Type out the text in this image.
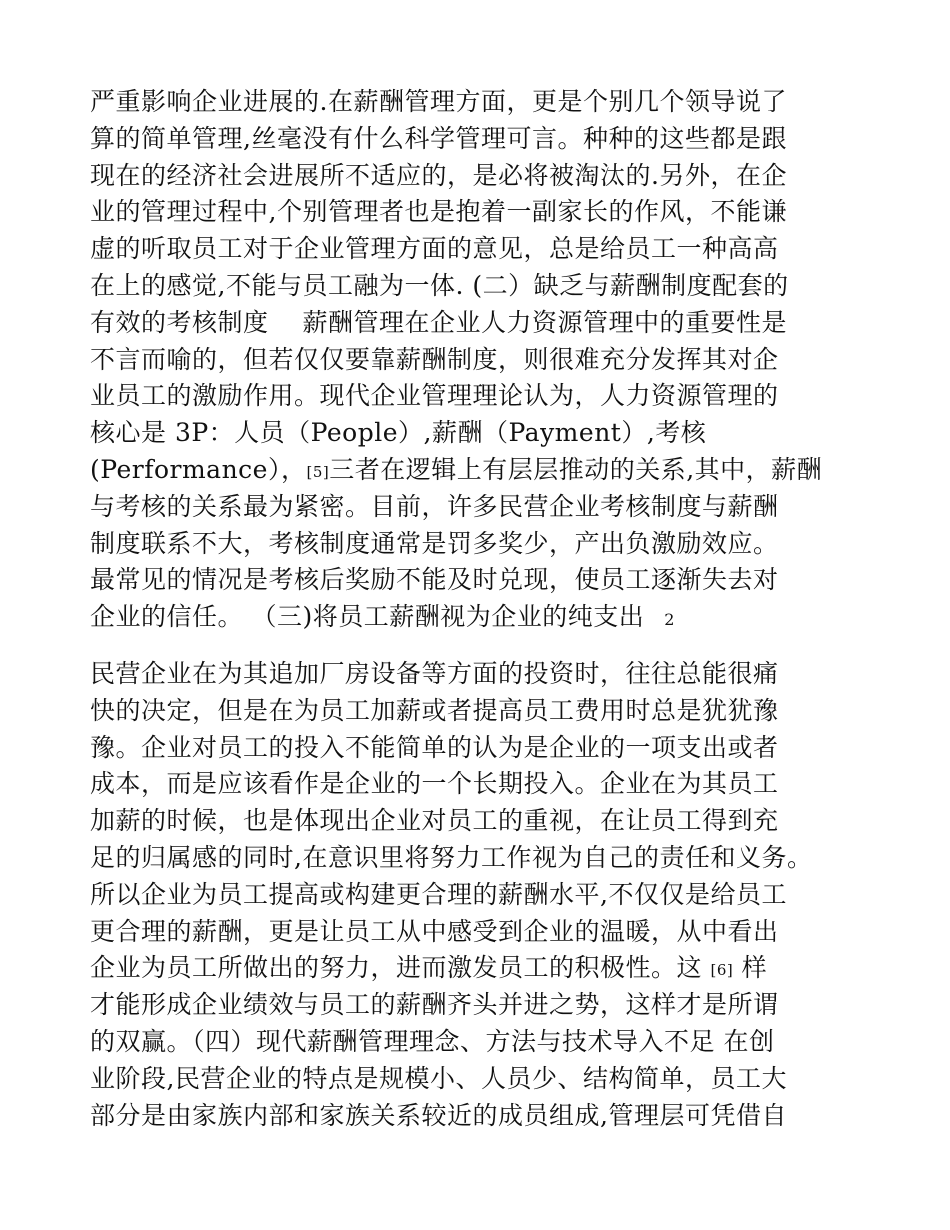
严重影响企业进展的.在薪酬管理方面，更是个别几个领导说了
算的简单管理,丝毫没有什么科学管理可言。种种的这些都是跟
现在的经济社会进展所不适应的，是必将被淘汰的.另外，在企
业的管理过程中,个别管理者也是抱着一副家长的作风，不能谦
虚的听取员工对于企业管理方面的意见，总是给员工一种高高
在上的感觉,不能与员工融为一体. (二）缺乏与薪酬制度配套的
有效的考核制度　 薪酬管理在企业人力资源管理中的重要性是
不言而喻的，但若仅仅要靠薪酬制度，则很难充分发挥其对企
业员工的激励作用。现代企业管理理论认为，人力资源管理的
核心是 3P：人员（People）,薪酬（Payment）,考核
(Performance），[5]三者在逻辑上有层层推动的关系,其中，薪酬
与考核的关系最为紧密。目前，许多民营企业考核制度与薪酬
制度联系不大，考核制度通常是罚多奖少，产出负激励效应。
最常见的情况是考核后奖励不能及时兑现，使员工逐渐失去对
企业的信任。 （三)将员工薪酬视为企业的纯支出 2
民营企业在为其追加厂房设备等方面的投资时，往往总能很痛
快的决定，但是在为员工加薪或者提高员工费用时总是犹犹豫
豫。企业对员工的投入不能简单的认为是企业的一项支出或者
成本，而是应该看作是企业的一个长期投入。企业在为其员工
加薪的时候，也是体现出企业对员工的重视，在让员工得到充
足的归属感的同时,在意识里将努力工作视为自己的责任和义务。
所以企业为员工提高或构建更合理的薪酬水平,不仅仅是给员工
更合理的薪酬，更是让员工从中感受到企业的温暖，从中看出
企业为员工所做出的努力，进而激发员工的积极性。这 [6] 样
才能形成企业绩效与员工的薪酬齐头并进之势，这样才是所谓
的双赢。（四）现代薪酬管理理念、方法与技术导入不足 在创
业阶段,民营企业的特点是规模小、人员少、结构简单，员工大
部分是由家族内部和家族关系较近的成员组成,管理层可凭借自
